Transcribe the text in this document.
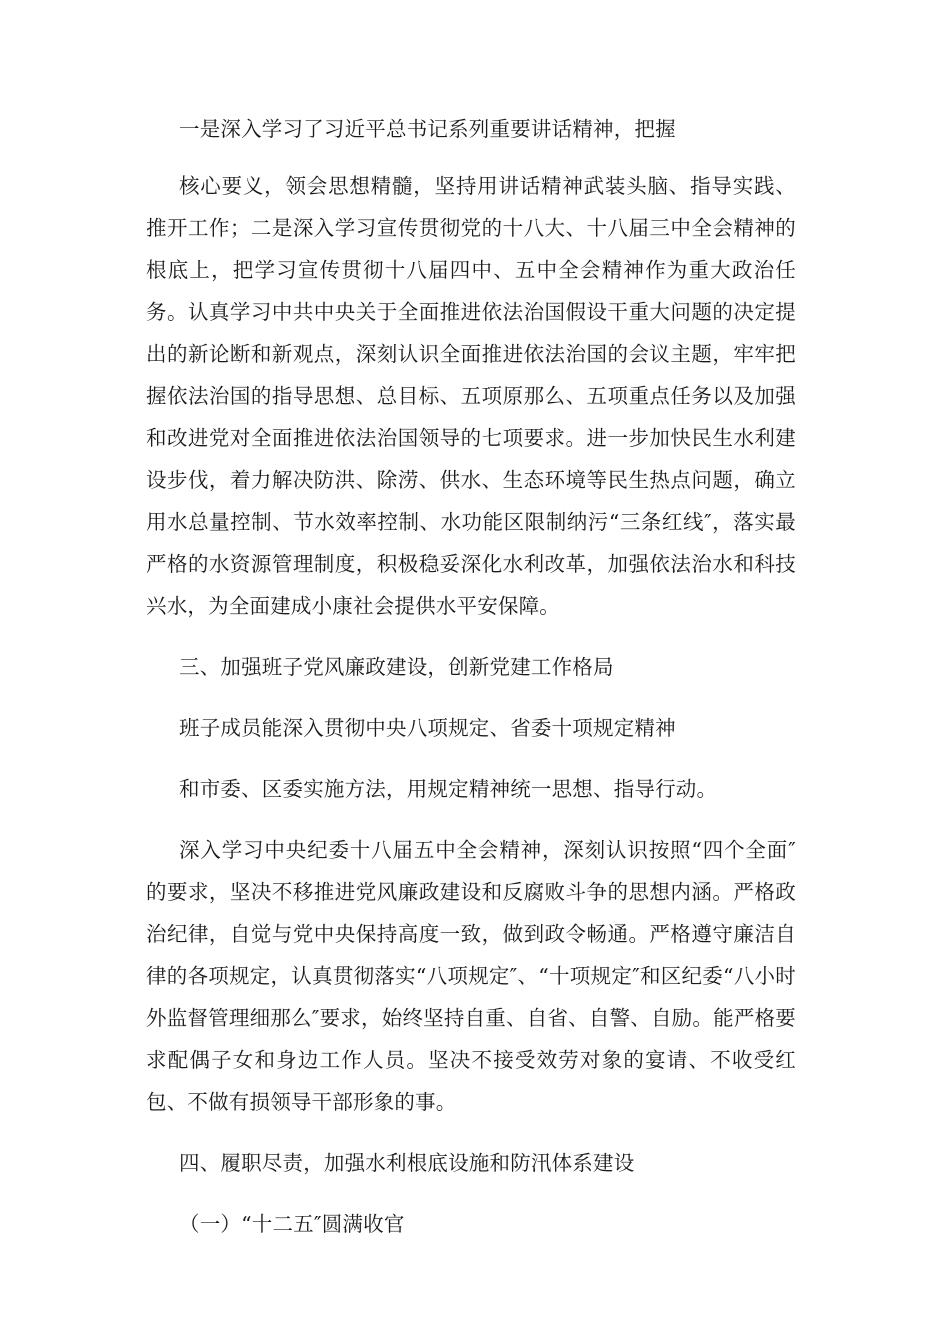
一是深入学习了习近平总书记系列重要讲话精神，把握

核心要义，领会思想精髓，坚持用讲话精神武装头脑、指导实践、推开工作；二是深入学习宣传贯彻党的十八大、十八届三中全会精神的根底上，把学习宣传贯彻十八届四中、五中全会精神作为重大政治任务。认真学习中共中央关于全面推进依法治国假设干重大问题的决定提出的新论断和新观点，深刻认识全面推进依法治国的会议主题，牢牢把握依法治国的指导思想、总目标、五项原那么、五项重点任务以及加强和改进党对全面推进依法治国领导的七项要求。进一步加快民生水利建设步伐，着力解决防洪、除涝、供水、生态环境等民生热点问题，确立用水总量控制、节水效率控制、水功能区限制纳污“三条红线″，落实最严格的水资源管理制度，积极稳妥深化水利改革，加强依法治水和科技兴水，为全面建成小康社会提供水平安保障。

三、加强班子党风廉政建设，创新党建工作格局

班子成员能深入贯彻中央八项规定、省委十项规定精神

和市委、区委实施方法，用规定精神统一思想、指导行动。

深入学习中央纪委十八届五中全会精神，深刻认识按照“四个全面″的要求，坚决不移推进党风廉政建设和反腐败斗争的思想内涵。严格政治纪律，自觉与党中央保持高度一致，做到政令畅通。严格遵守廉洁自律的各项规定，认真贯彻落实“八项规定″、“十项规定″和区纪委“八小时外监督管理细那么″要求，始终坚持自重、自省、自警、自励。能严格要求配偶子女和身边工作人员。坚决不接受效劳对象的宴请、不收受红包、不做有损领导干部形象的事。

四、履职尽责，加强水利根底设施和防汛体系建设

（一）“十二五″圆满收官
